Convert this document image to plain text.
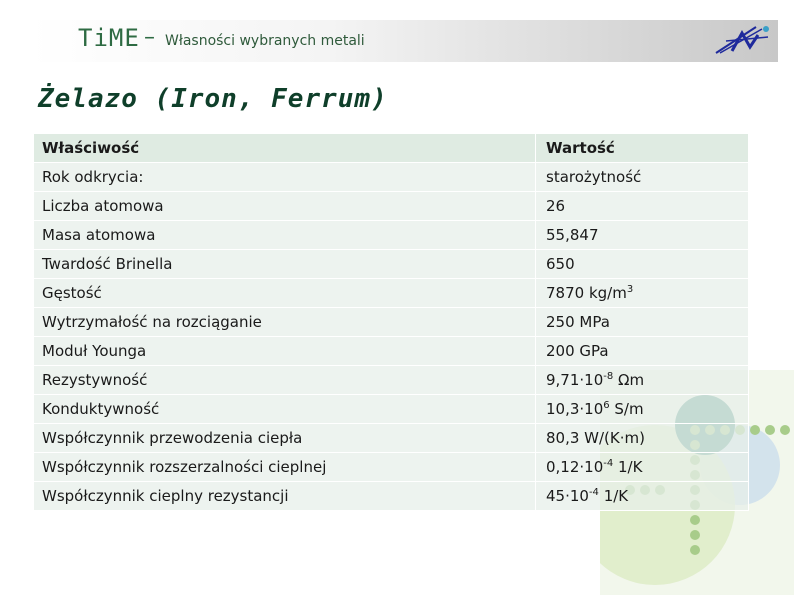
TiME – Własności wybranych metali
Żelazo (Iron, Ferrum)
Właściwość	Wartość
Rok odkrycia:	starożytność
Liczba atomowa	26
Masa atomowa	55,847
Twardość Brinella	650
Gęstość	7870 $kg/m^3$
Wytrzymałość na rozciąganie	250 MPa
Moduł Younga	200 GPa
Rezystywność	$9,71\cdot 10^{-8}$ Ωm
Konduktywność	$10,3\cdot 10^6$ S/m
Współczynnik przewodzenia ciepła	80,3 W/(K·m)
Współczynnik rozszerzalności cieplnej	$0,12\cdot 10^{-4}$ 1/K
Współczynnik cieplny rezystancji	$45\cdot 10^{-4}$ 1/K
